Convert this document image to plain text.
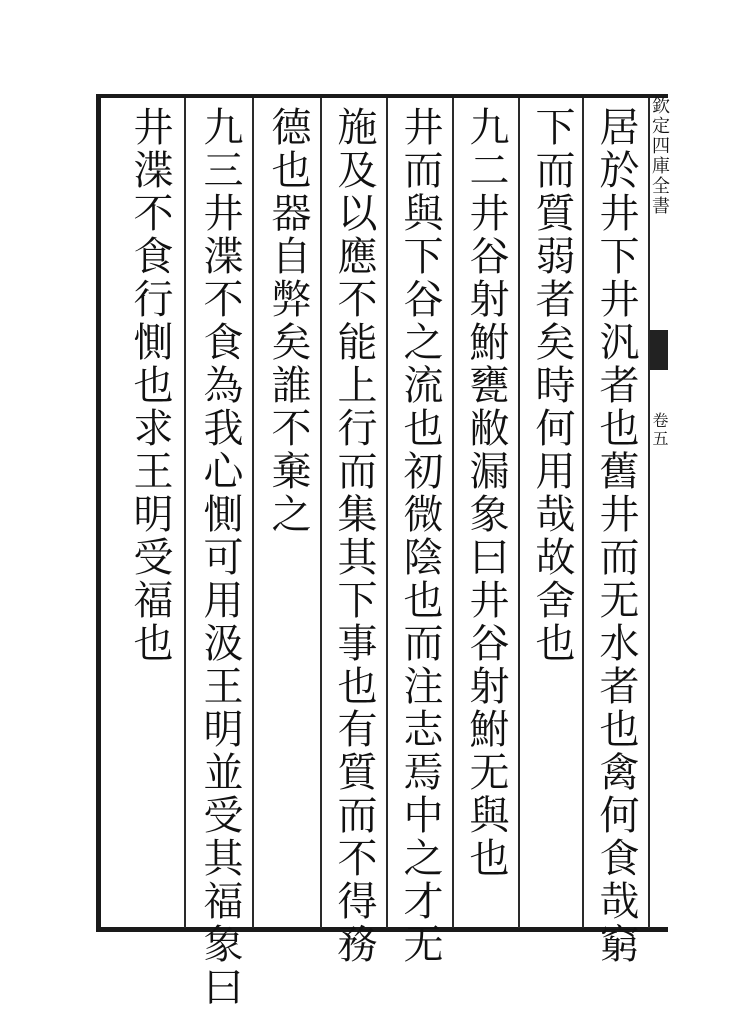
欽定四庫全書
卷五
居於井下井汎者也舊井而无水者也禽何食哉窮
下而質弱者矣時何用哉故舍也
九二井谷射鮒甕敝漏象曰井谷射鮒无與也
井而與下谷之流也初微陰也而注志焉中之才无
施及以應不能上行而集其下事也有質而不得務
德也器自弊矣誰不棄之
九三井渫不食為我心惻可用汲王明並受其福象曰
井渫不食行惻也求王明受福也
